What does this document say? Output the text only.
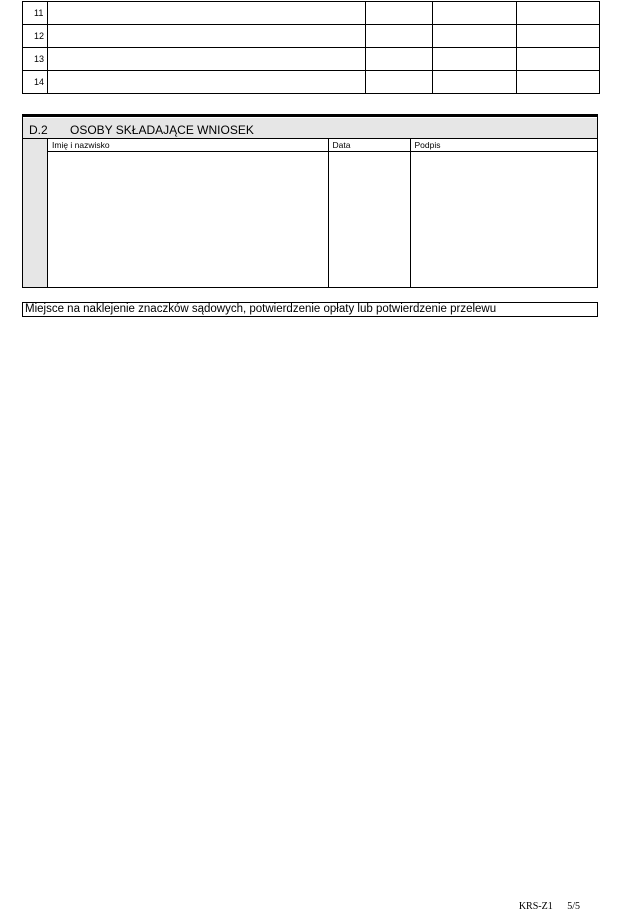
11				
12				
13				
14				
D.2 OSOBY SKŁADAJĄCE WNIOSEK
Imię i nazwisko	Data	Podpis

Miejsce na naklejenie znaczków sądowych, potwierdzenie opłaty lub potwierdzenie przelewu
KRS-Z1 5/5
